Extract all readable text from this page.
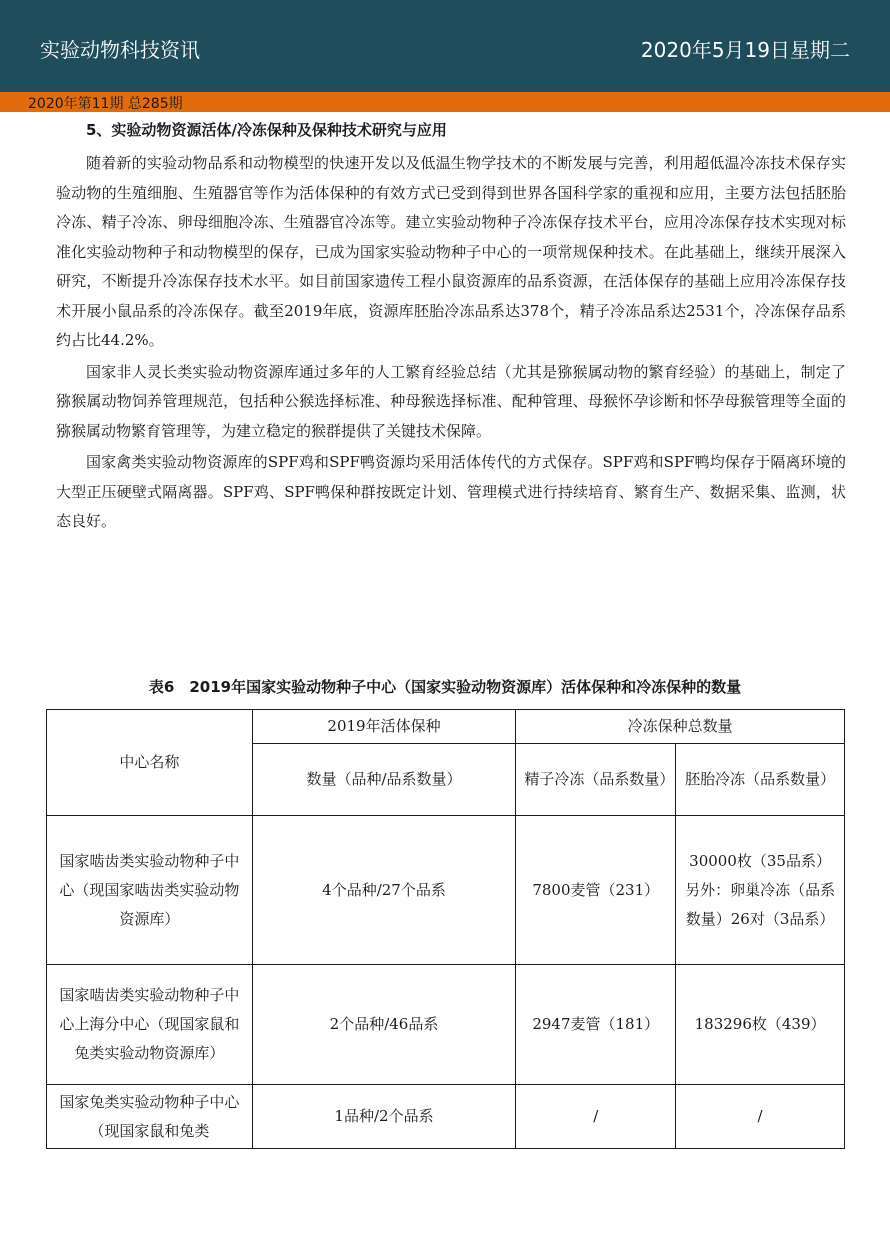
实验动物科技资讯	2020年5月19日星期二
2020年第11期 总285期
5、实验动物资源活体/冷冻保种及保种技术研究与应用

随着新的实验动物品系和动物模型的快速开发以及低温生物学技术的不断发展与完善，利用超低温冷冻技术保存实验动物的生殖细胞、生殖器官等作为活体保种的有效方式已受到得到世界各国科学家的重视和应用，主要方法包括胚胎冷冻、精子冷冻、卵母细胞冷冻、生殖器官冷冻等。建立实验动物种子冷冻保存技术平台，应用冷冻保存技术实现对标准化实验动物种子和动物模型的保存，已成为国家实验动物种子中心的一项常规保种技术。在此基础上，继续开展深入研究，不断提升冷冻保存技术水平。如目前国家遗传工程小鼠资源库的品系资源，在活体保存的基础上应用冷冻保存技术开展小鼠品系的冷冻保存。截至2019年底，资源库胚胎冷冻品系达378个，精子冷冻品系达2531个，冷冻保存品系约占比44.2%。

国家非人灵长类实验动物资源库通过多年的人工繁育经验总结（尤其是猕猴属动物的繁育经验）的基础上，制定了猕猴属动物饲养管理规范，包括种公猴选择标准、种母猴选择标准、配种管理、母猴怀孕诊断和怀孕母猴管理等全面的猕猴属动物繁育管理等，为建立稳定的猴群提供了关键技术保障。

国家禽类实验动物资源库的SPF鸡和SPF鸭资源均采用活体传代的方式保存。SPF鸡和SPF鸭均保存于隔离环境的大型正压硬壁式隔离器。SPF鸡、SPF鸭保种群按既定计划、管理模式进行持续培育、繁育生产、数据采集、监测，状态良好。

表6　2019年国家实验动物种子中心（国家实验动物资源库）活体保种和冷冻保种的数量
中心名称	2019年活体保种	冷冻保种总数量	
	数量（品种/品系数量）	精子冷冻（品系数量）	胚胎冷冻（品系数量）
国家啮齿类实验动物种子中心（现国家啮齿类实验动物资源库）	4个品种/27个品系	7800麦管（231）	30000枚（35品系）另外：卵巢冷冻（品系数量）26对（3品系）
国家啮齿类实验动物种子中心上海分中心（现国家鼠和兔类实验动物资源库）	2个品种/46品系	2947麦管（181）	183296枚（439）
国家兔类实验动物种子中心（现国家鼠和兔类	1品种/2个品系	/	/
